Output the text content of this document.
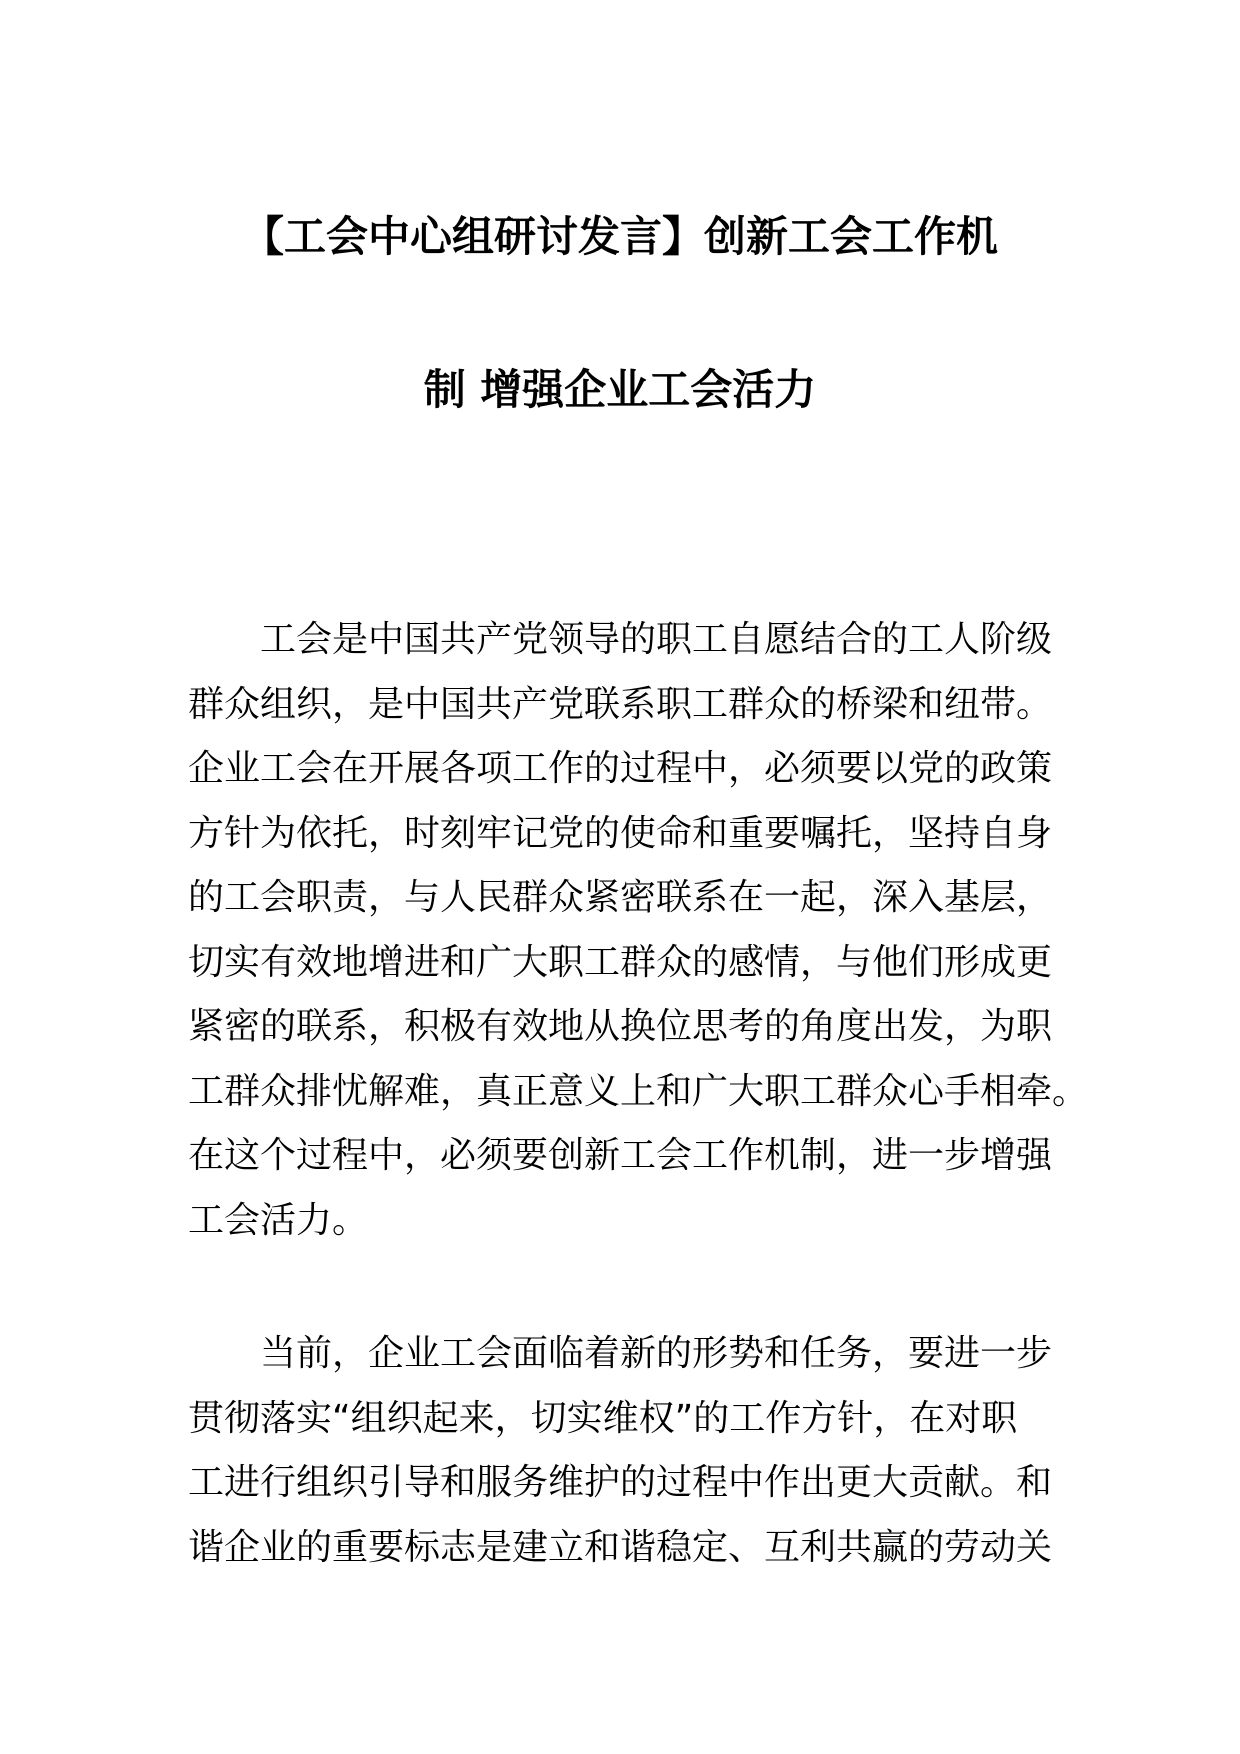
【工会中心组研讨发言】创新工会工作机
制 增强企业工会活力
　　工会是中国共产党领导的职工自愿结合的工人阶级
群众组织，是中国共产党联系职工群众的桥梁和纽带。
企业工会在开展各项工作的过程中，必须要以党的政策
方针为依托，时刻牢记党的使命和重要嘱托，坚持自身
的工会职责，与人民群众紧密联系在一起，深入基层，
切实有效地增进和广大职工群众的感情，与他们形成更
紧密的联系，积极有效地从换位思考的角度出发，为职
工群众排忧解难，真正意义上和广大职工群众心手相牵。
在这个过程中，必须要创新工会工作机制，进一步增强
工会活力。
　　当前，企业工会面临着新的形势和任务，要进一步
贯彻落实“组织起来，切实维权”的工作方针，在对职
工进行组织引导和服务维护的过程中作出更大贡献。和
谐企业的重要标志是建立和谐稳定、互利共赢的劳动关
